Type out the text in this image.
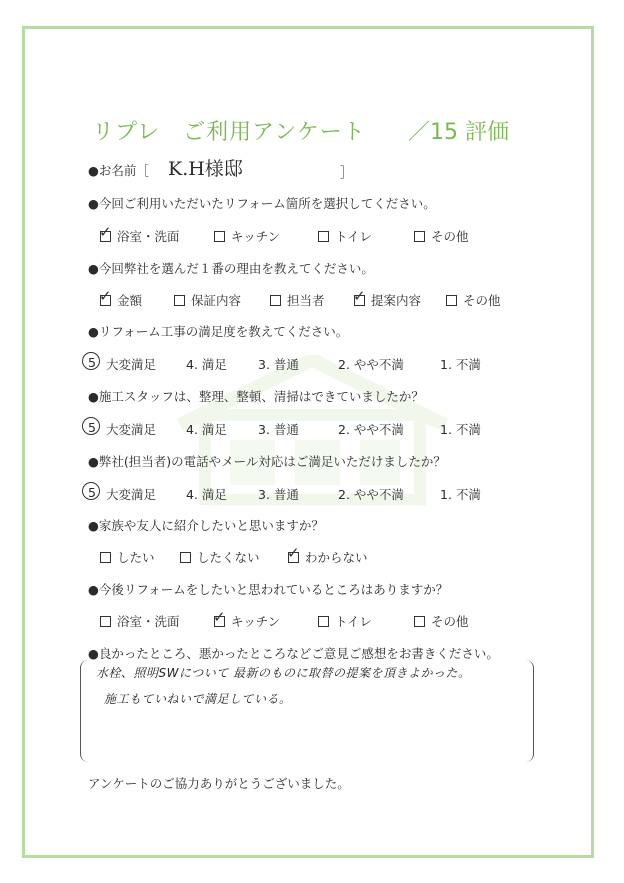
リプレ　ご利用アンケート ／15 評価
●お名前［ K.H様邸	］
●今回ご利用いただいたリフォーム箇所を選択してください。
✓ 浴室・洗面	キッチン	トイレ	その他
●今回弊社を選んだ１番の理由を教えてください。
✓ 金額	保証内容	担当者 ✓ 提案内容	その他
●リフォーム工事の満足度を教えてください。
5 大変満足 4. 満足 3. 普通	2. やや不満	1. 不満
●施工スタッフは、整理、整頓、清掃はできていましたか？
5 大変満足 4. 満足 3. 普通	2. やや不満	1. 不満
●弊社(担当者)の電話やメール対応はご満足いただけましたか？
5 大変満足 4. 満足 3. 普通	2. やや不満	1. 不満
●家族や友人に紹介したいと思いますか？
したい	したくない ✓ わからない
●今後リフォームをしたいと思われているところはありますか？
浴室・洗面 ✓ キッチン	トイレ	その他
●良かったところ、悪かったところなどご意見ご感想をお書きください。
水栓、照明SWについて 最新のものに取替の提案を頂きよかった。
施工もていねいで満足している。
アンケートのご協力ありがとうございました。
